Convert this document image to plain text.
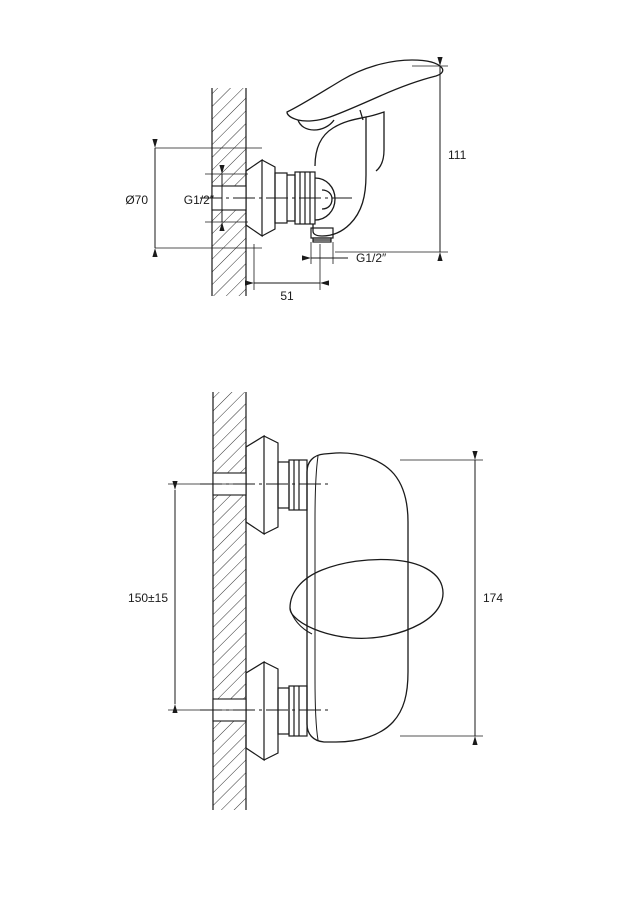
Ø70	G1/2″
111
G1/2″
51
150±15	174
